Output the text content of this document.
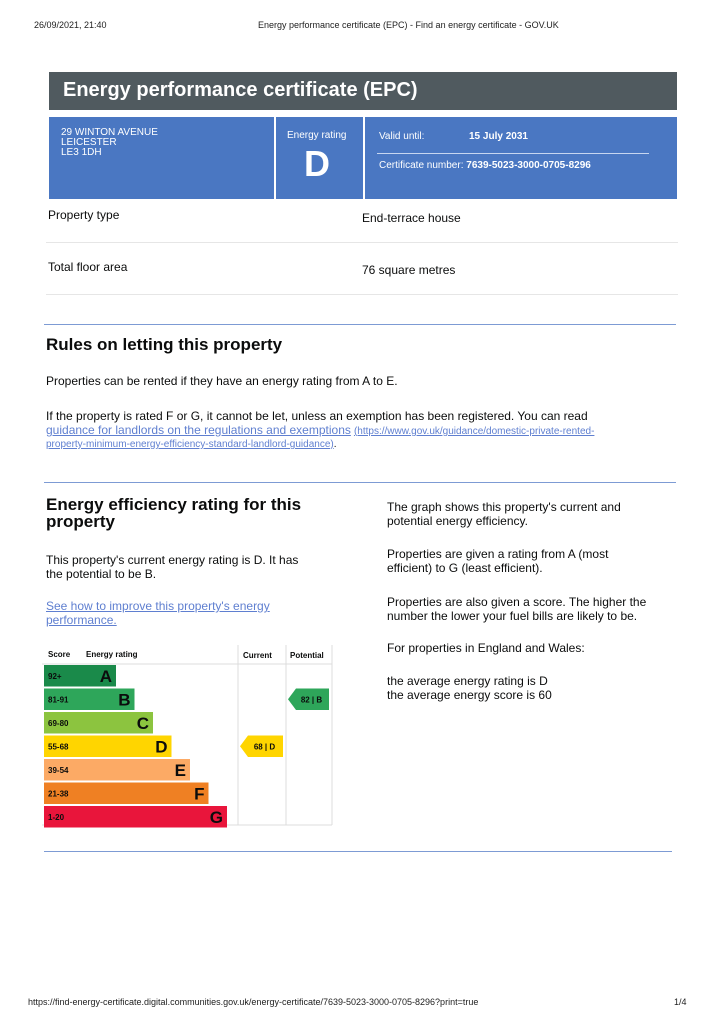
26/09/2021, 21:40	Energy performance certificate (EPC) - Find an energy certificate - GOV.UK
Energy performance certificate (EPC)
29 WINTON AVENUE
LEICESTER
LE3 1DH
Energy rating
D
Valid until:	15 July 2031
Certificate number: 7639-5023-3000-0705-8296
Property type	End-terrace house
Total floor area	76 square metres
Rules on letting this property
Properties can be rented if they have an energy rating from A to E.
If the property is rated F or G, it cannot be let, unless an exemption has been registered. You can read
guidance for landlords on the regulations and exemptions (https://www.gov.uk/guidance/domestic-private-rented-
property-minimum-energy-efficiency-standard-landlord-guidance).
Energy efficiency rating for this
property
This property's current energy rating is D. It has
the potential to be B.
See how to improve this property's energy
performance.
The graph shows this property's current and
potential energy efficiency.
Properties are given a rating from A (most
efficient) to G (least efficient).
Properties are also given a score. The higher the
number the lower your fuel bills are likely to be.
For properties in England and Wales:
the average energy rating is D
the average energy score is 60
Score Energy rating	Current Potential
92+ A
81-91	B
69-80	C
55-68	D
39-54	E
21-38	F
1-20	G
68 | D
82 | B
https://find-energy-certificate.digital.communities.gov.uk/energy-certificate/7639-5023-3000-0705-8296?print=true	1/4
